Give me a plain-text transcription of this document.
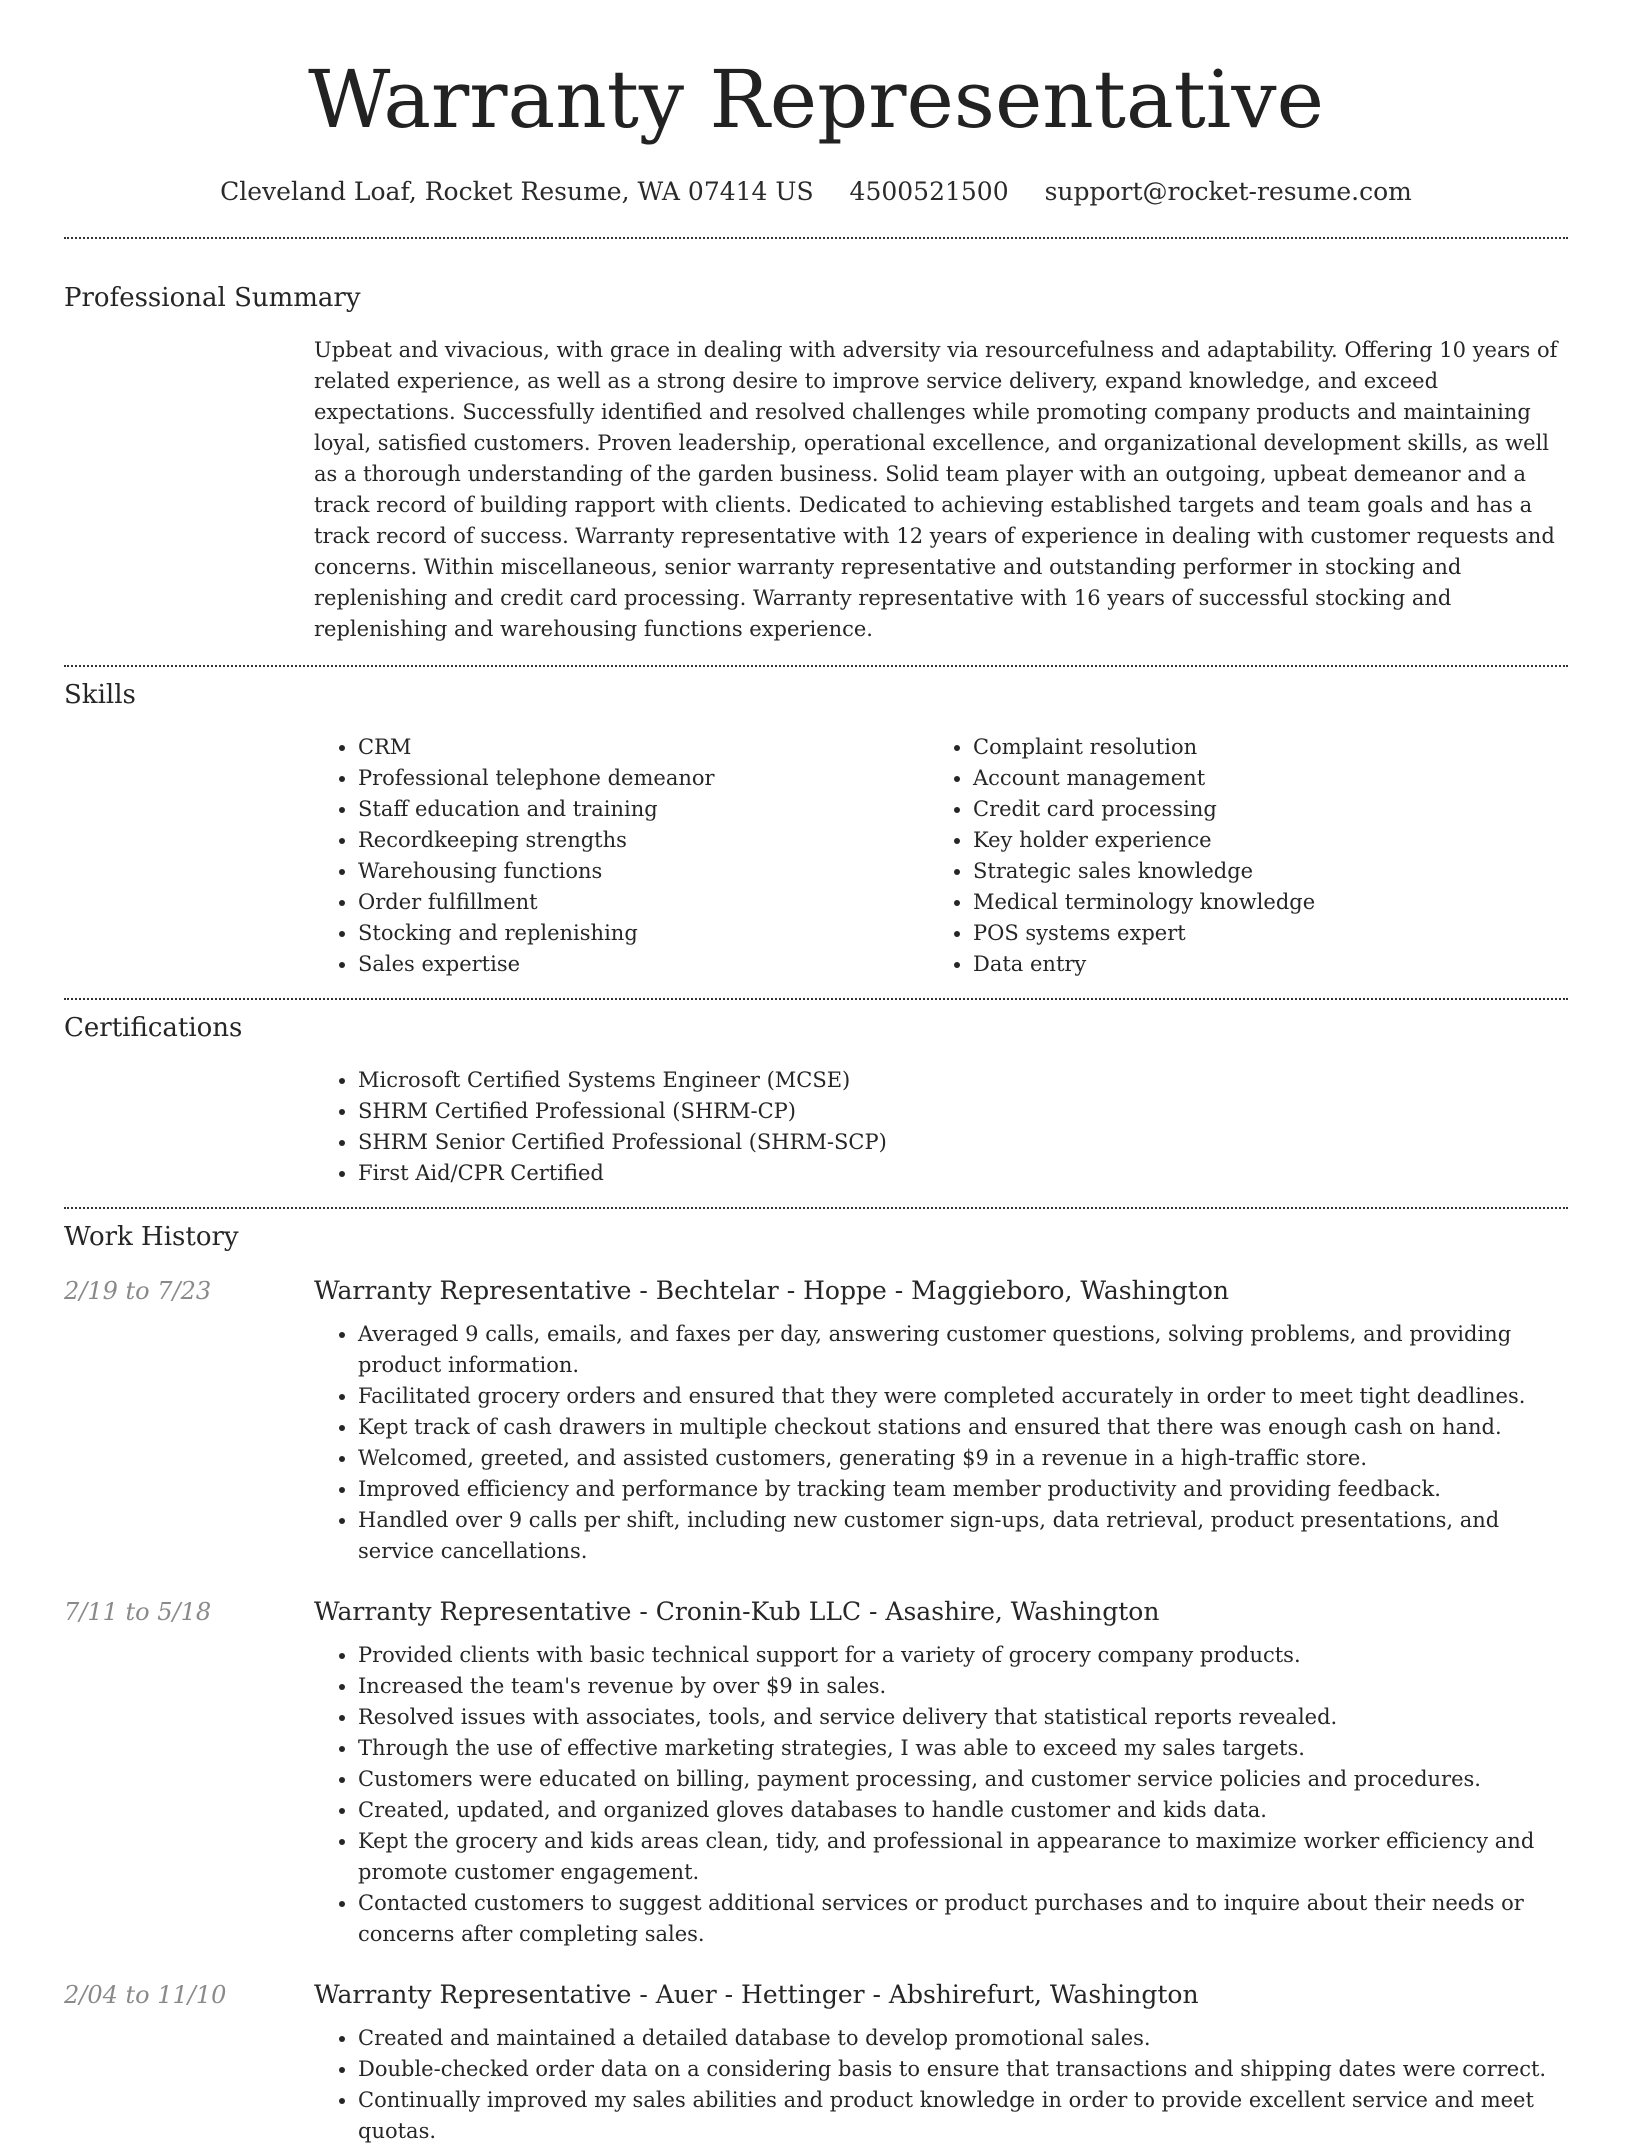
Warranty Representative
Cleveland Loaf, Rocket Resume, WA 07414 US 4500521500 support@rocket-resume.com
Professional Summary

Upbeat and vivacious, with grace in dealing with adversity via resourcefulness and adaptability. Offering 10 years of related experience, as well as a strong desire to improve service delivery, expand knowledge, and exceed expectations. Successfully identified and resolved challenges while promoting company products and maintaining loyal, satisfied customers. Proven leadership, operational excellence, and organizational development skills, as well as a thorough understanding of the garden business. Solid team player with an outgoing, upbeat demeanor and a track record of building rapport with clients. Dedicated to achieving established targets and team goals and has a track record of success. Warranty representative with 12 years of experience in dealing with customer requests and concerns. Within miscellaneous, senior warranty representative and outstanding performer in stocking and replenishing and credit card processing. Warranty representative with 16 years of successful stocking and replenishing and warehousing functions experience.

Skills
• CRM
• Professional telephone demeanor
• Staff education and training
• Recordkeeping strengths
• Warehousing functions
• Order fulfillment
• Stocking and replenishing
• Sales expertise
• Complaint resolution
• Account management
• Credit card processing
• Key holder experience
• Strategic sales knowledge
• Medical terminology knowledge
• POS systems expert
• Data entry
Certifications
• Microsoft Certified Systems Engineer (MCSE)
• SHRM Certified Professional (SHRM-CP)
• SHRM Senior Certified Professional (SHRM-SCP)
• First Aid/CPR Certified
Work History
2/19 to 7/23	Warranty Representative - Bechtelar - Hoppe - Maggieboro, Washington
• Averaged 9 calls, emails, and faxes per day, answering customer questions, solving problems, and providing product information.
• Facilitated grocery orders and ensured that they were completed accurately in order to meet tight deadlines.
• Kept track of cash drawers in multiple checkout stations and ensured that there was enough cash on hand.
• Welcomed, greeted, and assisted customers, generating $9 in a revenue in a high-traffic store.
• Improved efficiency and performance by tracking team member productivity and providing feedback.
• Handled over 9 calls per shift, including new customer sign-ups, data retrieval, product presentations, and service cancellations.
7/11 to 5/18	Warranty Representative - Cronin-Kub LLC - Asashire, Washington
• Provided clients with basic technical support for a variety of grocery company products.
• Increased the team's revenue by over $9 in sales.
• Resolved issues with associates, tools, and service delivery that statistical reports revealed.
• Through the use of effective marketing strategies, I was able to exceed my sales targets.
• Customers were educated on billing, payment processing, and customer service policies and procedures.
• Created, updated, and organized gloves databases to handle customer and kids data.
• Kept the grocery and kids areas clean, tidy, and professional in appearance to maximize worker efficiency and promote customer engagement.
• Contacted customers to suggest additional services or product purchases and to inquire about their needs or concerns after completing sales.
2/04 to 11/10	Warranty Representative - Auer - Hettinger - Abshirefurt, Washington
• Created and maintained a detailed database to develop promotional sales.
• Double-checked order data on a considering basis to ensure that transactions and shipping dates were correct.
• Continually improved my sales abilities and product knowledge in order to provide excellent service and meet quotas.
